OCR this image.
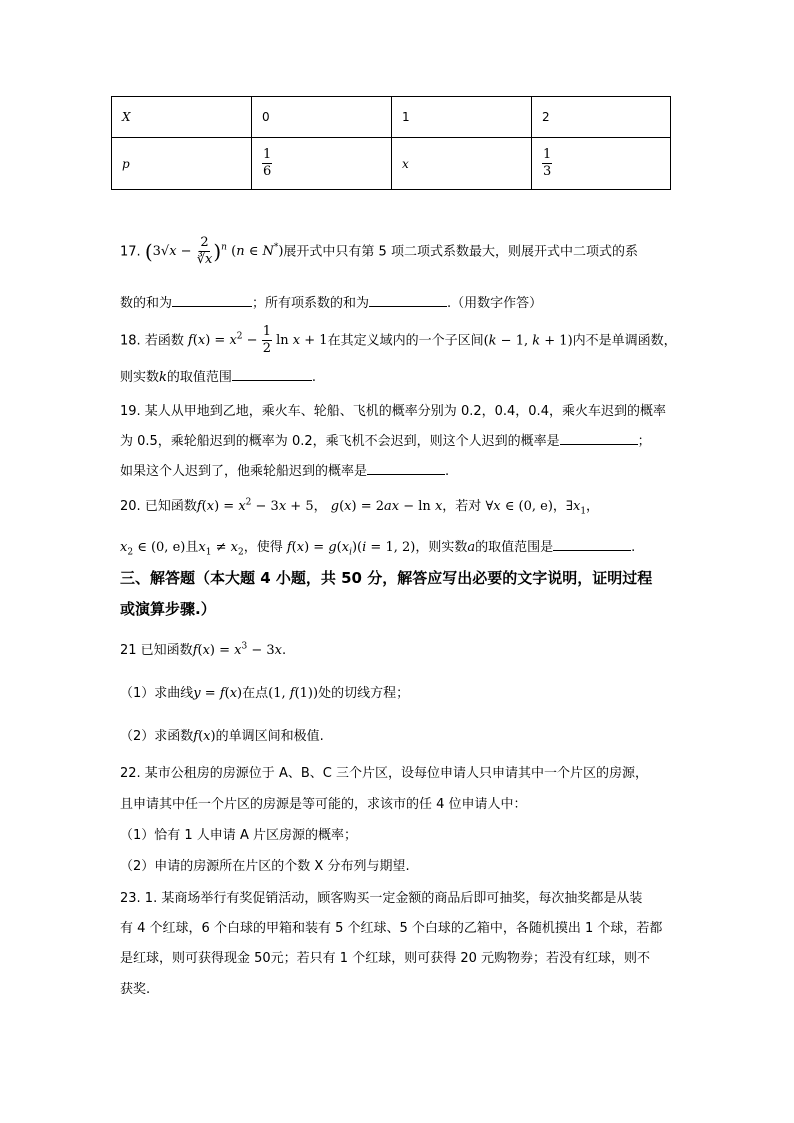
X	0	1	2
p	$\frac{1}{6}$	x	$\frac{1}{3}$
17. $(3√x - \frac{2}{∛x} )^n$ (n ∈ N*)展开式中只有第 5 项二项式系数最大，则展开式中二项式的系
数的和为	；所有项系数的和为	.（用数字作答）
18. 若函数 $f(x) = x^2 - \frac{1}{2}$ ln x + 1在其定义域内的一个子区间(k − 1, k + 1)内不是单调函数，
则实数k的取值范围	.
19. 某人从甲地到乙地，乘火车、轮船、飞机的概率分别为 0.2，0.4，0.4，乘火车迟到的概率
为 0.5，乘轮船迟到的概率为 0.2，乘飞机不会迟到，则这个人迟到的概率是	；
如果这个人迟到了，他乘轮船迟到的概率是	.
20. 已知函数$f(x) = x^2 - 3x + 5$， g(x) = 2ax − ln x，若对 ∀x ∈ (0, e)，$\exists x_1$，
$x_2$ ∈ (0, e)且$x_1 \ne x_2$，使得 $f(x) = g(x_i)(i = 1$, 2)，则实数a的取值范围是	.
三、解答题（本大题 4 小题，共 50 分，解答应写出必要的文字说明，证明过程
或演算步骤.）
21 已知函数$f(x) = x^3 - 3x$.
（1）求曲线y = f(x)在点(1, f(1))处的切线方程；
（2）求函数f(x)的单调区间和极值.
22. 某市公租房的房源位于 A、B、C 三个片区，设每位申请人只申请其中一个片区的房源，
且申请其中任一个片区的房源是等可能的，求该市的任 4 位申请人中：
（1）恰有 1 人申请 A 片区房源的概率；
（2）申请的房源所在片区的个数 X 分布列与期望.
23. 1. 某商场举行有奖促销活动，顾客购买一定金额的商品后即可抽奖，每次抽奖都是从装
有 4 个红球，6 个白球的甲箱和装有 5 个红球、5 个白球的乙箱中，各随机摸出 1 个球，若都
是红球，则可获得现金 50元；若只有 1 个红球，则可获得 20 元购物券；若没有红球，则不
获奖.
